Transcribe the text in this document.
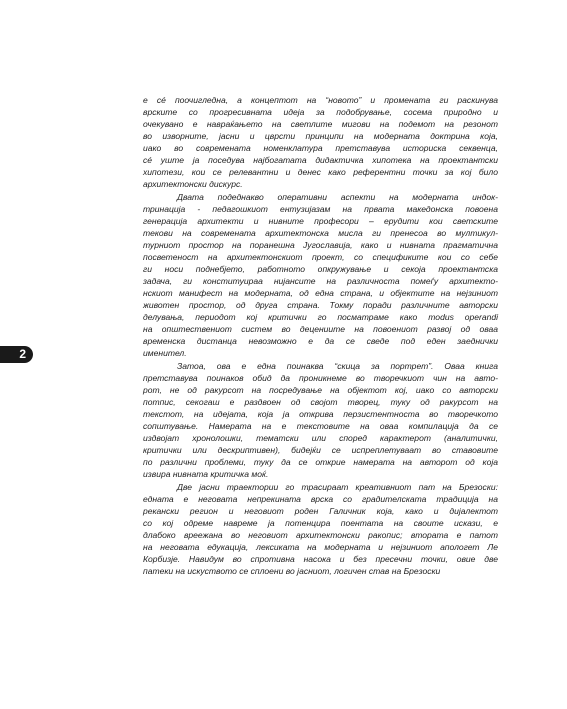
2

е сé поочигледна, а концептот на “новото” и промената ги раскинува
врските со прогресивната идеја за подобрување, сосема природно и
очекувано е навраќањето на светлите мигови на подемот на резонот
во изворните, јасни и цврсти принципи на модерната доктрина која,
иако во современата номенклатура претставува историска секвенца,
сé уште ја поседува најбогатата дидактичка хипотека на проектантски
хипотези, кои се релевантни и денес како референтни точки за кој било
архитектонски дискурс.

Двата подеднакво оперативни аспекти на модерната индок-
тринација - педагошкиот ентузијазам на првата македонска повоена
генерација архитекти и нивните професори – ерудити кои светските
текови на современата архитектонска мисла ги пренесоа во мултикул-
турниот простор на поранешна Југославија, како и нивната прагматична
посветеност на архитектонскиот проект, со спецификите кои со себе
ги носи поднебјето, работното опкружување и секоја проектантска
задача, ги конституираа нијансите на различноста помеѓу архитекто-
нскиот манифест на модерната, од една страна, и објектите на нејзиниот
животен простор, од друга страна. Токму поради различните авторски
делувања, периодот кој критички го посматраме како modus operandi
на општествениот систем во децениите на повоениот развој од оваа
временска дистанца невозможно е да се сведе под еден заеднички
именител.

Затоа, ова е една поинаква “скица за портрет”. Оваа книга
претставува поинаков обид да проникнеме во творечкиот чин на авто-
рот, не од ракурсот на посредување на објектот кој, иако со авторски
потпис, секогаш е раздвоен од својот творец, туку од ракурсот на
текстот, на идејата, која ја открива перзистентноста во творечкото
сопштување. Намерата на е текстовите на оваа компилација да се
издвојат хронолошки, тематски или според карактерот (аналитички,
критички или дескриптивен), бидејќи се испреплетуваат во ставовите
по различни проблеми, туку да се открие намерата на авторот од која
извира нивната критичка моќ.

Две јасни траектории го трасираат креативниот пат на Брезоски:
едната е неговата непрекината врска со градителската традиција на
рекански регион и неговиот роден Галичник која, како и дијалектот
со кој одреме навреме ја потенцира поентата на своите искази, е
длабоко вреежана во неговиот архитектонски ракопис; втората е патот
на неговата едукација, лексиката на модерната и нејзиниот апологет Ле
Корбизје. Навидум во спротивна насока и без пресечни точки, овие две
патеки на искуството се сплоени во јасниот, логичен став на Брезоски
